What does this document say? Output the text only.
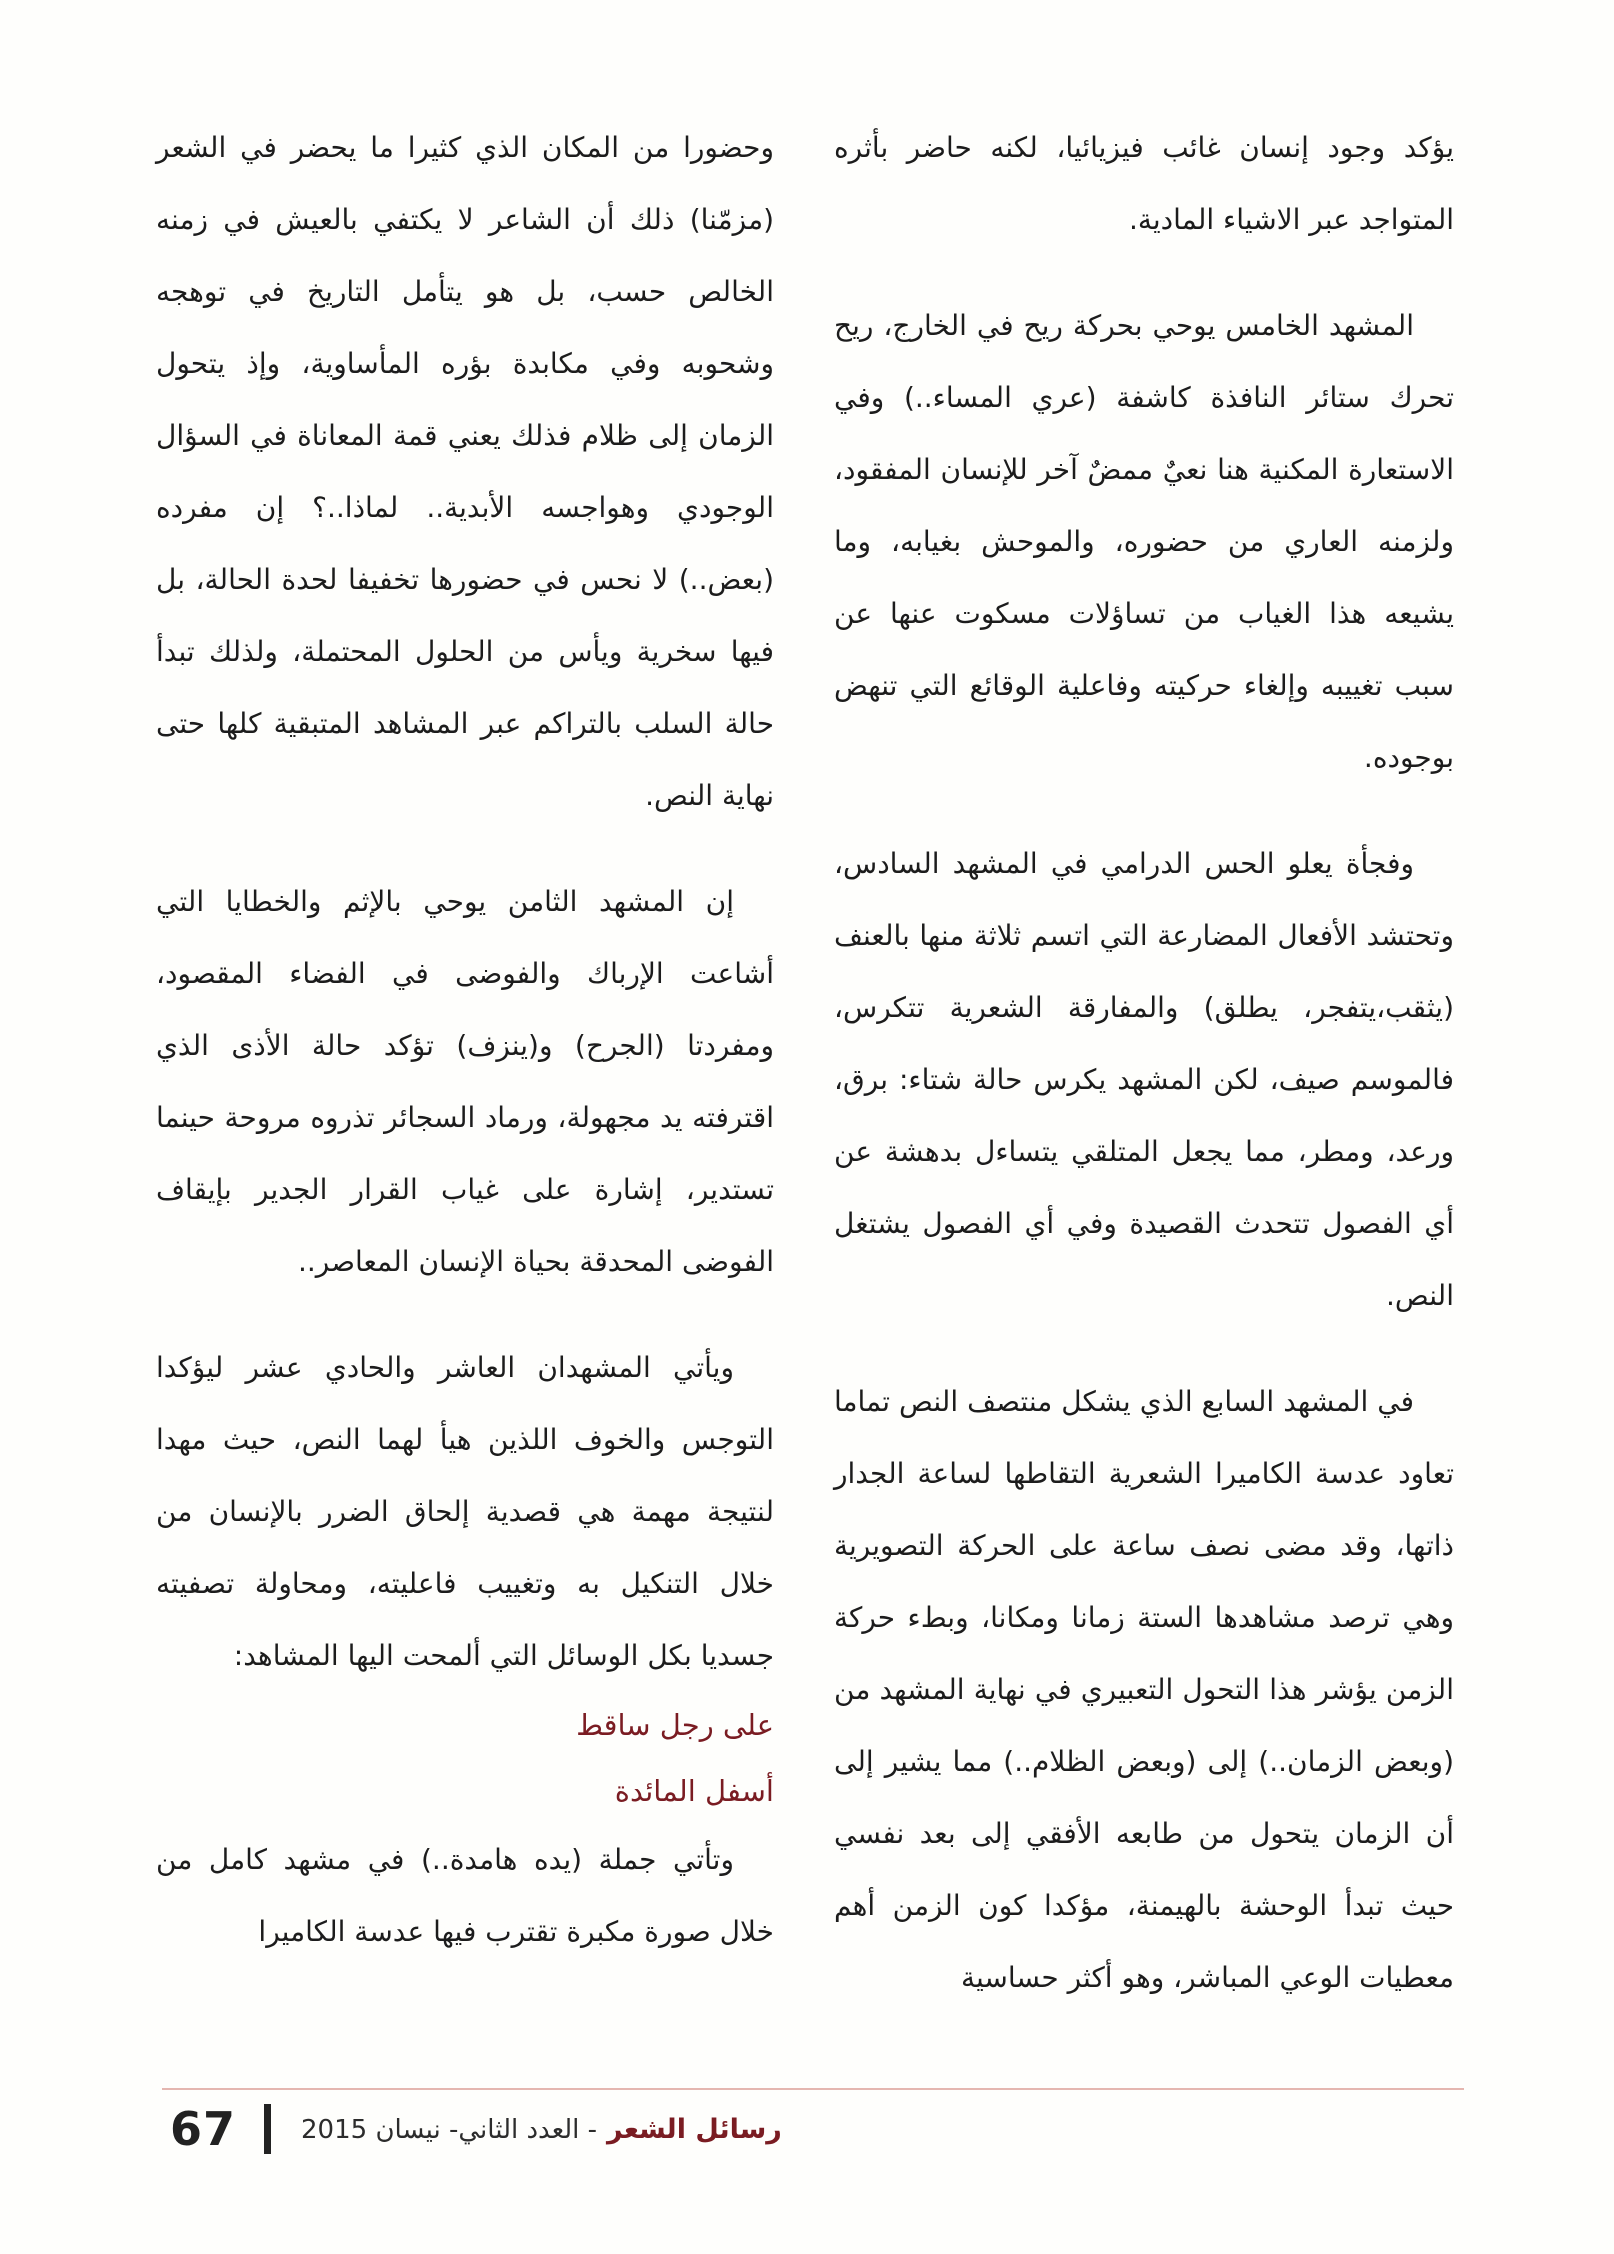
يؤكد وجود إنسان غائب فيزيائيا، لكنه حاضر بأثره المتواجد عبر الاشياء المادية.

المشهد الخامس يوحي بحركة ريح في الخارج، ريح تحرك ستائر النافذة كاشفة (عري المساء..) وفي الاستعارة المكنية هنا نعيٌ ممضٌ آخر للإنسان المفقود، ولزمنه العاري من حضوره، والموحش بغيابه، وما يشيعه هذا الغياب من تساؤلات مسكوت عنها عن سبب تغييبه وإلغاء حركيته وفاعلية الوقائع التي تنهض بوجوده.

وفجأة يعلو الحس الدرامي في المشهد السادس، وتحتشد الأفعال المضارعة التي اتسم ثلاثة منها بالعنف (يثقب،يتفجر، يطلق) والمفارقة الشعرية تتكرس، فالموسم صيف، لكن المشهد يكرس حالة شتاء: برق، ورعد، ومطر، مما يجعل المتلقي يتساءل بدهشة عن أي الفصول تتحدث القصيدة وفي أي الفصول يشتغل النص.

في المشهد السابع الذي يشكل منتصف النص تماما تعاود عدسة الكاميرا الشعرية التقاطها لساعة الجدار ذاتها، وقد مضى نصف ساعة على الحركة التصويرية وهي ترصد مشاهدها الستة زمانا ومكانا، وبطء حركة الزمن يؤشر هذا التحول التعبيري في نهاية المشهد من (وبعض الزمان..) إلى (وبعض الظلام..) مما يشير إلى أن الزمان يتحول من طابعه الأفقي إلى بعد نفسي حيث تبدأ الوحشة بالهيمنة، مؤكدا كون الزمن أهم معطيات الوعي المباشر، وهو أكثر حساسية

وحضورا من المكان الذي كثيرا ما يحضر في الشعر (مزمّنا) ذلك أن الشاعر لا يكتفي بالعيش في زمنه الخالص حسب، بل هو يتأمل التاريخ في توهجه وشحوبه وفي مكابدة بؤره المأساوية، وإذ يتحول الزمان إلى ظلام فذلك يعني قمة المعاناة في السؤال الوجودي وهواجسه الأبدية.. لماذا..؟ إن مفرده (بعض..) لا نحس في حضورها تخفيفا لحدة الحالة، بل فيها سخرية ويأس من الحلول المحتملة، ولذلك تبدأ حالة السلب بالتراكم عبر المشاهد المتبقية كلها حتى نهاية النص.

إن المشهد الثامن يوحي بالإثم والخطايا التي أشاعت الإرباك والفوضى في الفضاء المقصود، ومفردتا (الجرح) و(ينزف) تؤكد حالة الأذى الذي اقترفته يد مجهولة، ورماد السجائر تذروه مروحة حينما تستدير، إشارة على غياب القرار الجدير بإيقاف الفوضى المحدقة بحياة الإنسان المعاصر..

ويأتي المشهدان العاشر والحادي عشر ليؤكدا التوجس والخوف اللذين هيأ لهما النص، حيث مهدا لنتيجة مهمة هي قصدية إلحاق الضرر بالإنسان من خلال التنكيل به وتغييب فاعليته، ومحاولة تصفيته جسديا بكل الوسائل التي ألمحت اليها المشاهد:

على رجل ساقط

أسفل المائدة

وتأتي جملة (يده هامدة..) في مشهد كامل من خلال صورة مكبرة تقترب فيها عدسة الكاميرا

67	رسائل الشعر
- العدد الثاني- نيسان 2015
